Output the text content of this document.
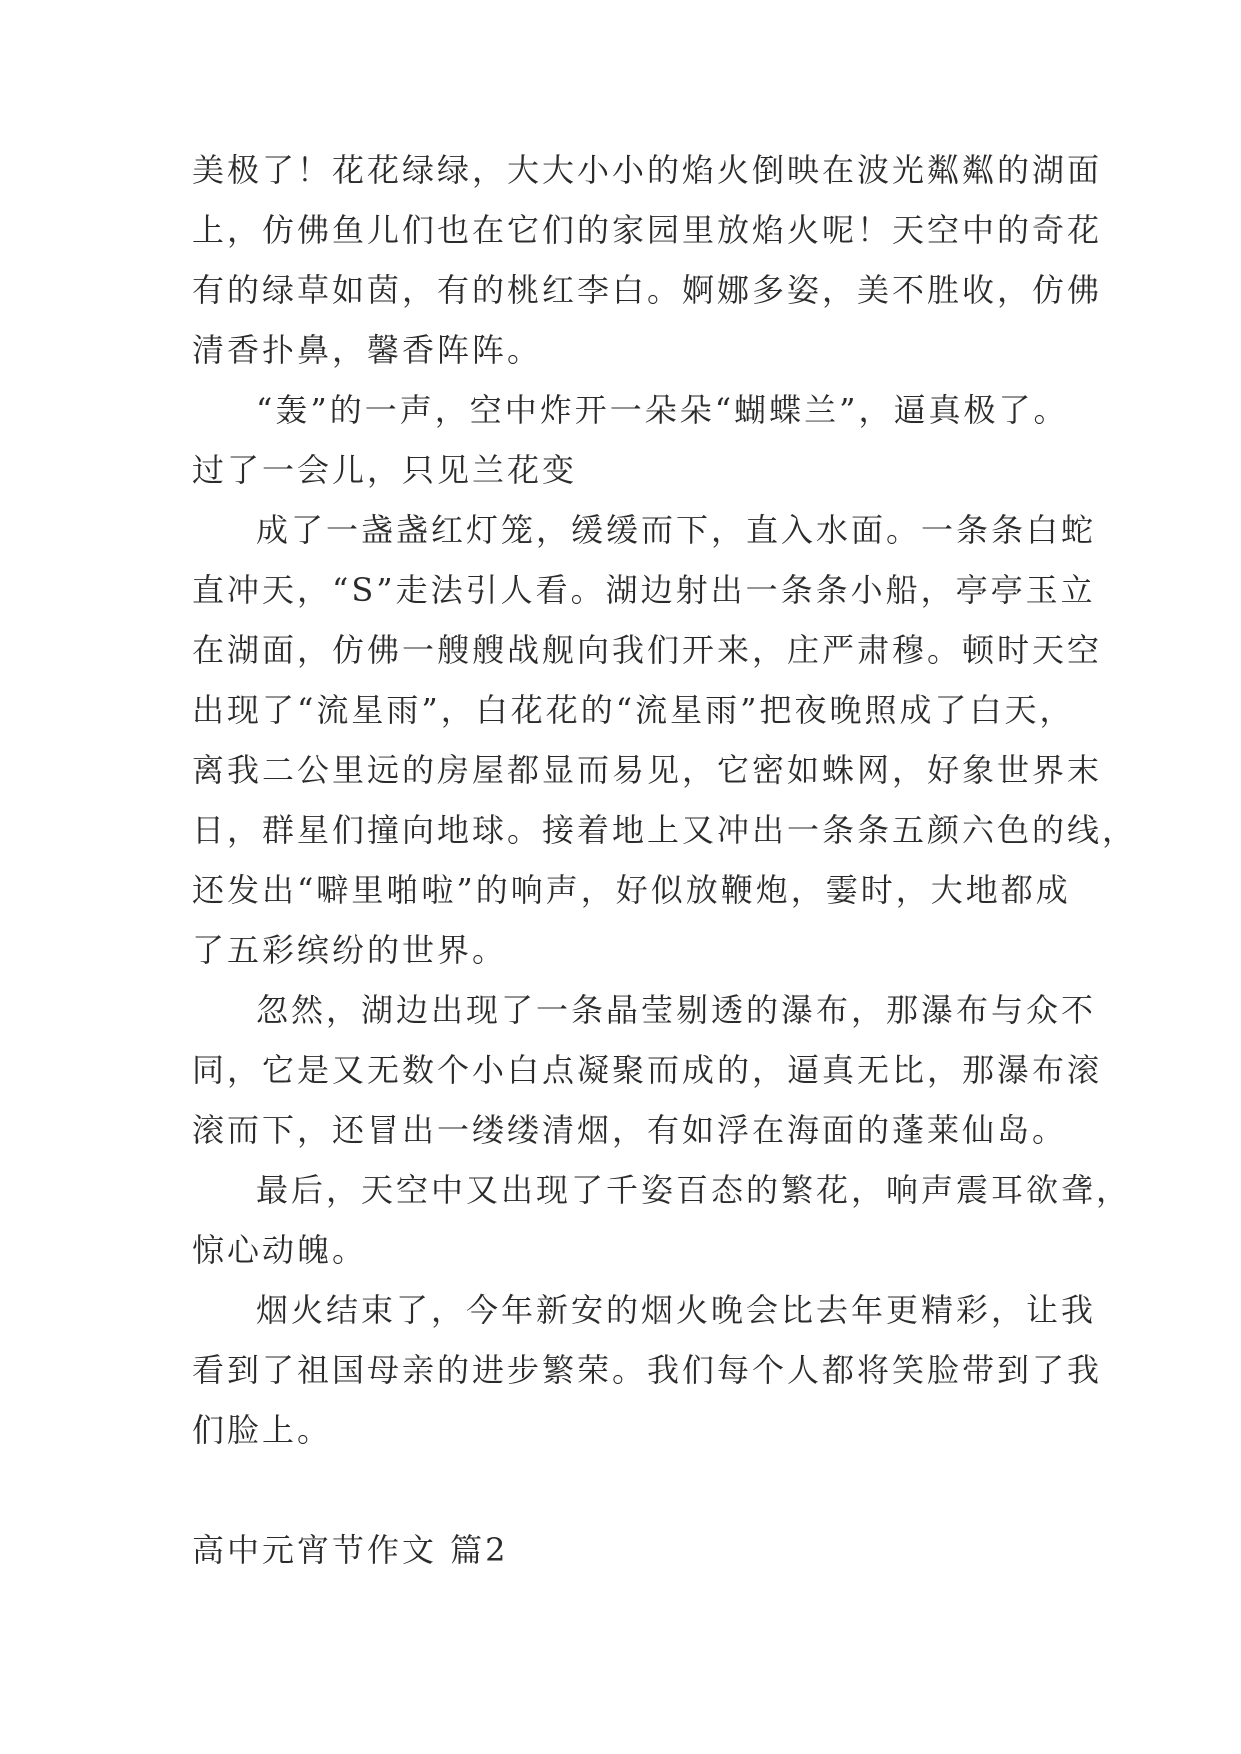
美极了！花花绿绿，大大小小的焰火倒映在波光粼粼的湖面
上，仿佛鱼儿们也在它们的家园里放焰火呢！天空中的奇花
有的绿草如茵，有的桃红李白。婀娜多姿，美不胜收，仿佛
清香扑鼻，馨香阵阵。
“轰”的一声，空中炸开一朵朵“蝴蝶兰”，逼真极了。
过了一会儿，只见兰花变
成了一盏盏红灯笼，缓缓而下，直入水面。一条条白蛇
直冲天，“S”走法引人看。湖边射出一条条小船，亭亭玉立
在湖面，仿佛一艘艘战舰向我们开来，庄严肃穆。顿时天空
出现了“流星雨”，白花花的“流星雨”把夜晚照成了白天，
离我二公里远的房屋都显而易见，它密如蛛网，好象世界末
日，群星们撞向地球。接着地上又冲出一条条五颜六色的线，
还发出“噼里啪啦”的响声，好似放鞭炮，霎时，大地都成
了五彩缤纷的世界。
忽然，湖边出现了一条晶莹剔透的瀑布，那瀑布与众不
同，它是又无数个小白点凝聚而成的，逼真无比，那瀑布滚
滚而下，还冒出一缕缕清烟，有如浮在海面的蓬莱仙岛。
最后，天空中又出现了千姿百态的繁花，响声震耳欲聋，
惊心动魄。
烟火结束了，今年新安的烟火晚会比去年更精彩，让我
看到了祖国母亲的进步繁荣。我们每个人都将笑脸带到了我
们脸上。
高中元宵节作文 篇2
